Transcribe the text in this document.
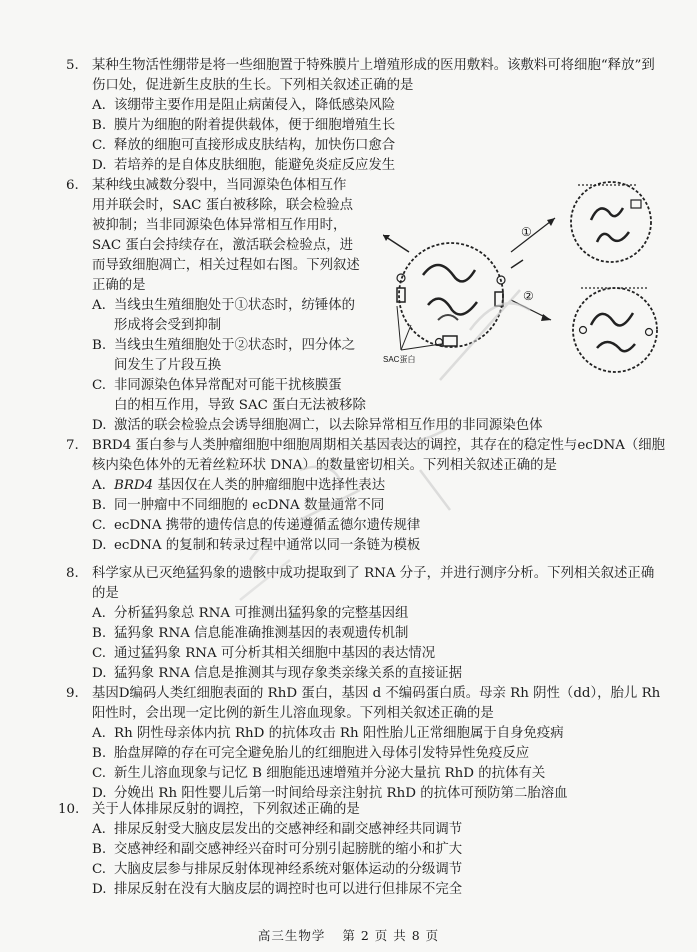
5. 某种生物活性绷带是将一些细胞置于特殊膜片上增殖形成的医用敷料。该敷料可将细胞“释放”到伤口处，促进新生皮肤的生长。下列相关叙述正确的是
A. 该绷带主要作用是阻止病菌侵入，降低感染风险
B. 膜片为细胞的附着提供载体，便于细胞增殖生长
C. 释放的细胞可直接形成皮肤结构，加快伤口愈合
D. 若培养的是自体皮肤细胞，能避免炎症反应发生
6. 某种线虫减数分裂中，当同源染色体相互作
用并联会时，SAC 蛋白被移除，联会检验点
被抑制；当非同源染色体异常相互作用时，
SAC 蛋白会持续存在，激活联会检验点，进
而导致细胞凋亡，相关过程如右图。下列叙述
正确的是
A. 当线虫生殖细胞处于①状态时，纺锤体的
形成将会受到抑制
B. 当线虫生殖细胞处于②状态时，四分体之
间发生了片段互换
C. 非同源染色体异常配对可能干扰核膜蛋
白的相互作用，导致 SAC 蛋白无法被移除
D. 激活的联会检验点会诱导细胞凋亡，以去除异常相互作用的非同源染色体
SAC蛋白
①
②
7. BRD4 蛋白参与人类肿瘤细胞中细胞周期相关基因表达的调控，其存在的稳定性与ecDNA（细胞核内染色体外的无着丝粒环状 DNA）的数量密切相关。下列相关叙述正确的是
A. BRD4 基因仅在人类的肿瘤细胞中选择性表达
B. 同一肿瘤中不同细胞的 ecDNA 数量通常不同
C. ecDNA 携带的遗传信息的传递遵循孟德尔遗传规律
D. ecDNA 的复制和转录过程中通常以同一条链为模板
8. 科学家从已灭绝猛犸象的遗骸中成功提取到了 RNA 分子，并进行测序分析。下列相关叙述正确的是
A. 分析猛犸象总 RNA 可推测出猛犸象的完整基因组
B. 猛犸象 RNA 信息能准确推测基因的表观遗传机制
C. 通过猛犸象 RNA 可分析其相关细胞中基因的表达情况
D. 猛犸象 RNA 信息是推测其与现存象类亲缘关系的直接证据
9. 基因D编码人类红细胞表面的 RhD 蛋白，基因 d 不编码蛋白质。母亲 Rh 阴性（dd），胎儿 Rh 阳性时，会出现一定比例的新生儿溶血现象。下列相关叙述正确的是
A. Rh 阴性母亲体内抗 RhD 的抗体攻击 Rh 阳性胎儿正常细胞属于自身免疫病
B. 胎盘屏障的存在可完全避免胎儿的红细胞进入母体引发特异性免疫反应
C. 新生儿溶血现象与记忆 B 细胞能迅速增殖并分泌大量抗 RhD 的抗体有关
D. 分娩出 Rh 阳性婴儿后第一时间给母亲注射抗 RhD 的抗体可预防第二胎溶血
10. 关于人体排尿反射的调控，下列叙述正确的是
A. 排尿反射受大脑皮层发出的交感神经和副交感神经共同调节
B. 交感神经和副交感神经兴奋时可分别引起膀胱的缩小和扩大
C. 大脑皮层参与排尿反射体现神经系统对躯体运动的分级调节
D. 排尿反射在没有大脑皮层的调控时也可以进行但排尿不完全
高三生物学 第 2 页 共 8 页
